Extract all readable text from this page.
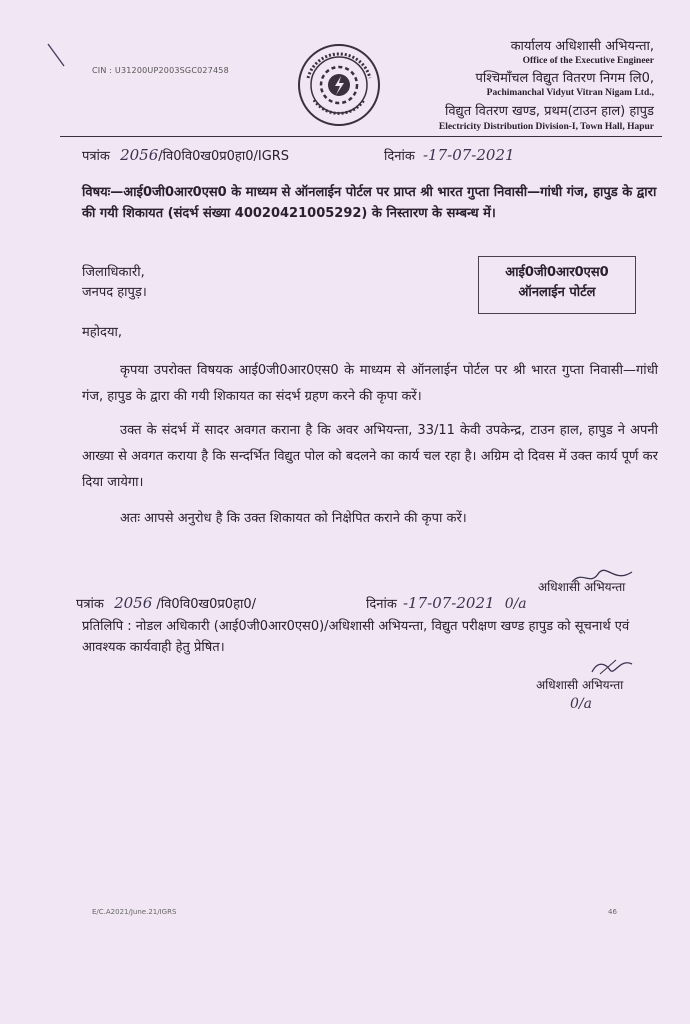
CIN : U31200UP2003SGC027458
कार्यालय अधिशासी अभियन्ता,
Office of the Executive Engineer
पश्चिमाँचल विद्युत वितरण निगम लि0,
Pachimanchal Vidyut Vitran Nigam Ltd.,
विद्युत वितरण खण्ड, प्रथम(टाउन हाल) हापुड
Electricity Distribution Division-I, Town Hall, Hapur
पत्रांक 2056/वि0वि0ख0प्र0हा0/IGRS	दिनांक -17-07-2021
विषयः—आई0जी0आर0एस0 के माध्यम से ऑनलाईन पोर्टल पर प्राप्त श्री भारत गुप्ता निवासी—गांधी गंज, हापुड के द्वारा की गयी शिकायत (संदर्भ संख्या 40020421005292) के निस्तारण के सम्बन्ध में।
जिलाधिकारी,
जनपद हापुड़।
आई0जी0आर0एस0
ऑनलाईन पोर्टल
महोदया,
कृपया उपरोक्त विषयक आई0जी0आर0एस0 के माध्यम से ऑनलाईन पोर्टल पर श्री भारत गुप्ता निवासी—गांधी गंज, हापुड के द्वारा की गयी शिकायत का संदर्भ ग्रहण करने की कृपा करें।
उक्त के संदर्भ में सादर अवगत कराना है कि अवर अभियन्ता, 33/11 केवी उपकेन्द्र, टाउन हाल, हापुड ने अपनी आख्या से अवगत कराया है कि सन्दर्भित विद्युत पोल को बदलने का कार्य चल रहा है। अग्रिम दो दिवस में उक्त कार्य पूर्ण कर दिया जायेगा।
अतः आपसे अनुरोध है कि उक्त शिकायत को निक्षेपित कराने की कृपा करें।
अधिशासी अभियन्ता
पत्रांक 2056 /वि0वि0ख0प्र0हा0/	दिनांक -17-07-2021 0/a
प्रतिलिपि : नोडल अधिकारी (आई0जी0आर0एस0)/अधिशासी अभियन्ता, विद्युत परीक्षण खण्ड हापुड को सूचनार्थ एवं आवश्यक कार्यवाही हेतु प्रेषित।
अधिशासी अभियन्ता
0/a
E/C.A2021/June.21/IGRS	46
